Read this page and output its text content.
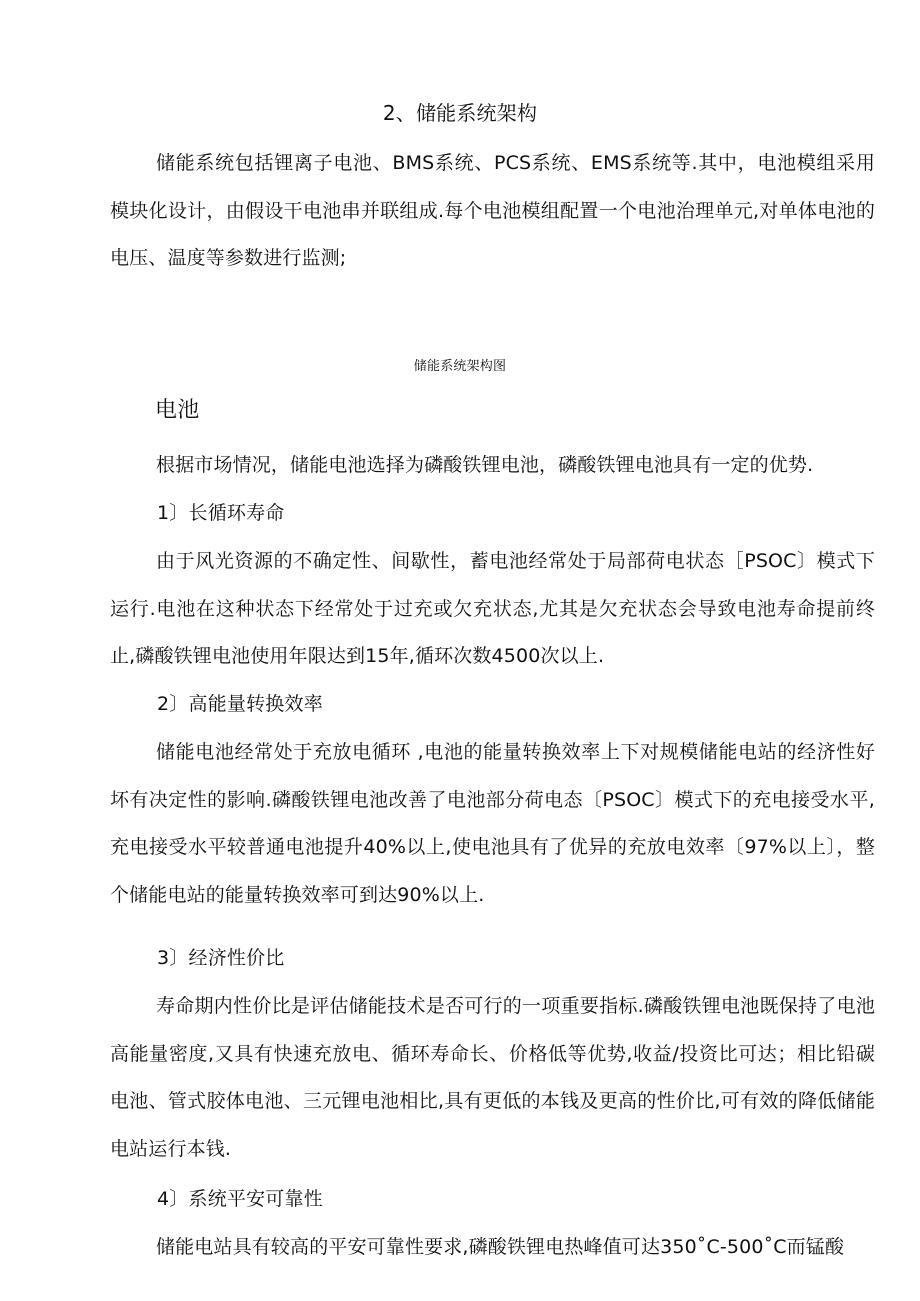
2、储能系统架构

储能系统包括锂离子电池、BMS系统、PCS系统、EMS系统等.其中，电池模组采用模块化设计，由假设干电池串并联组成.每个电池模组配置一个电池治理单元,对单体电池的电压、温度等参数进行监测;

储能系统架构图

电池

根据市场情况，储能电池选择为磷酸铁锂电池，磷酸铁锂电池具有一定的优势.

1〕长循环寿命

由于风光资源的不确定性、间歇性，蓄电池经常处于局部荷电状态［PSOC〕模式下运行.电池在这种状态下经常处于过充或欠充状态,尤其是欠充状态会导致电池寿命提前终止,磷酸铁锂电池使用年限达到15年,循环次数4500次以上.

2〕高能量转换效率

储能电池经常处于充放电循环 ,电池的能量转换效率上下对规模储能电站的经济性好坏有决定性的影响.磷酸铁锂电池改善了电池部分荷电态〔PSOC〕模式下的充电接受水平,充电接受水平较普通电池提升40%以上,使电池具有了优异的充放电效率〔97%以上〕，整个储能电站的能量转换效率可到达90%以上.

3〕经济性价比

寿命期内性价比是评估储能技术是否可行的一项重要指标.磷酸铁锂电池既保持了电池高能量密度,又具有快速充放电、循环寿命长、价格低等优势,收益/投资比可达；相比铅碳电池、管式胶体电池、三元锂电池相比,具有更低的本钱及更高的性价比,可有效的降低储能电站运行本钱.

4〕系统平安可靠性

储能电站具有较高的平安可靠性要求,磷酸铁锂电热峰值可达350˚C-500˚C而锰酸
